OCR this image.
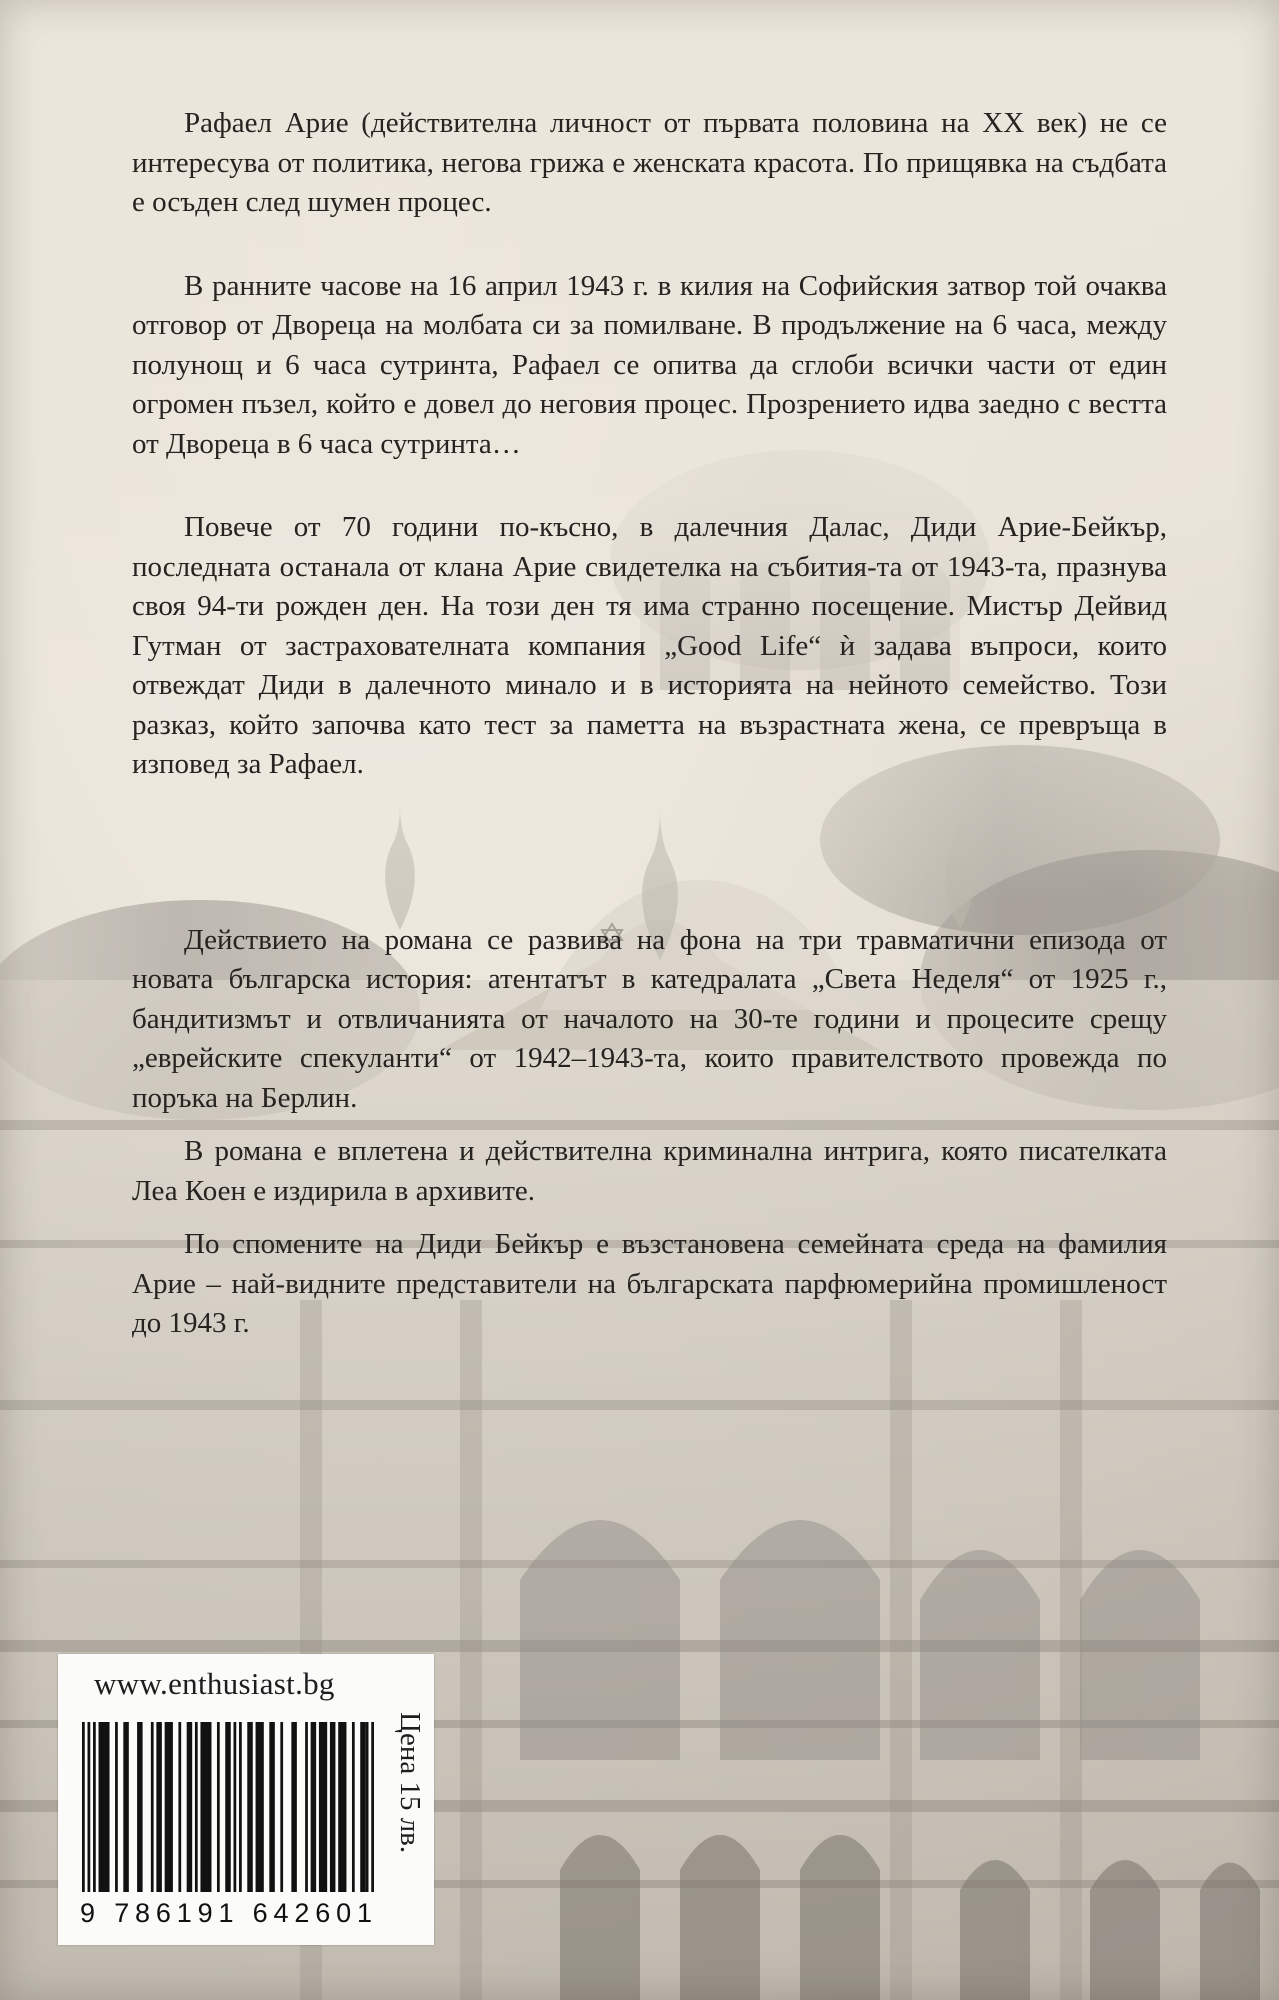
Рафаел Арие (действителна личност от първата половина на XX век) не се интересува от политика, негова грижа е женската красота. По прищявка на съдбата е осъден след шумен процес.

В ранните часове на 16 април 1943 г. в килия на Софийския затвор той очаква отговор от Двореца на молбата си за помилване. В продължение на 6 часа, между полунощ и 6 часа сутринта, Рафаел се опитва да сглоби всички части от един огромен пъзел, който е довел до неговия процес. Прозрението идва заедно с вестта от Двореца в 6 часа сутринта…

Повече от 70 години по-късно, в далечния Далас, Диди Арие-Бейкър, последната останала от клана Арие свидетелка на събития-та от 1943-та, празнува своя 94-ти рожден ден. На този ден тя има странно посещение. Мистър Дейвид Гутман от застрахователната компания „Good Life“ ѝ задава въпроси, които отвеждат Диди в далечното минало и в историята на нейното семейство. Този разказ, който започва като тест за паметта на възрастната жена, се превръща в изповед за Рафаел.

Действието на романа се развива на фона на три травматични епизода от новата българска история: атентатът в катедралата „Света Неделя“ от 1925 г., бандитизмът и отвличанията от началото на 30-те години и процесите срещу „еврейските спекуланти“ от 1942–1943-та, които правителството провежда по поръка на Берлин.

В романа е вплетена и действителна криминална интрига, която писателката Леа Коен е издирила в архивите.

По спомените на Диди Бейкър е възстановена семейната среда на фамилия Арие – най-видните представители на българската парфюмерийна промишленост до 1943 г.

www.enthusiast.bg
9 786191 642601
Цена 15 лв.
